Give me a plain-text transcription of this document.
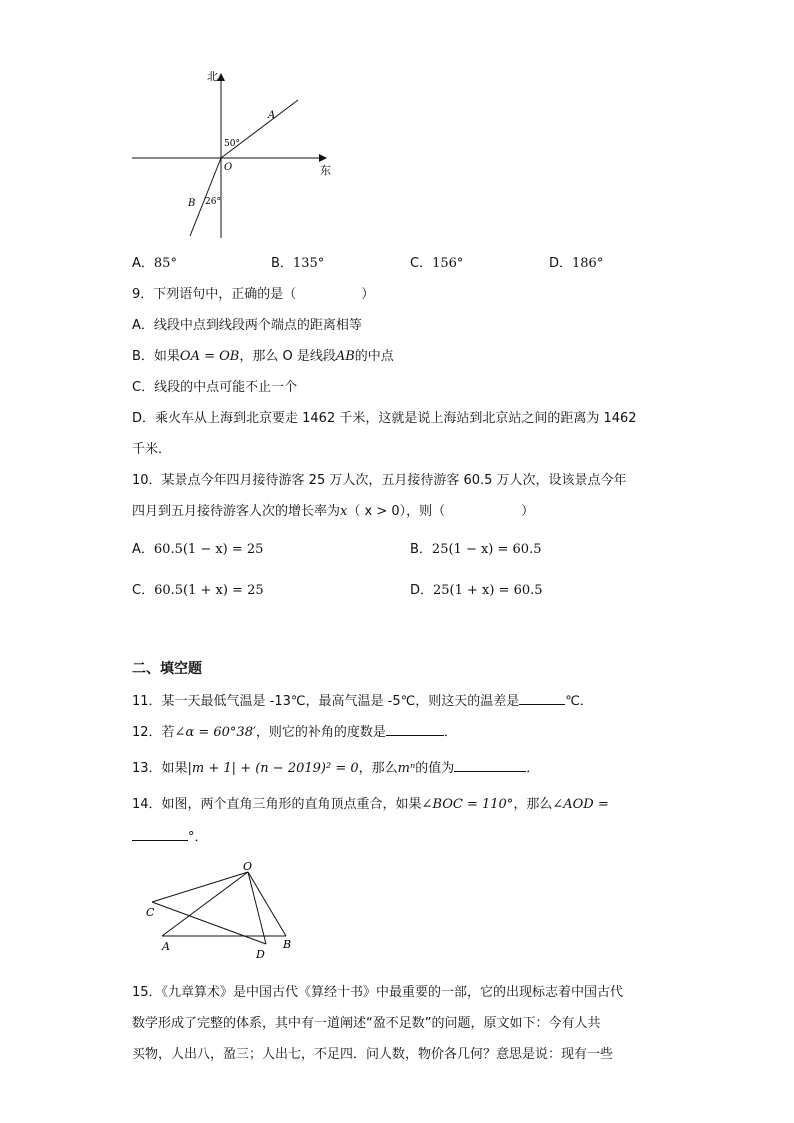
北
东
O
A
B
50°
26°
A．85°	B．135°	C．156°	D．186°
9．下列语句中，正确的是（　　　　　）
A．线段中点到线段两个端点的距离相等
B．如果OA = OB，那么 O 是线段AB的中点
C．线段的中点可能不止一个
D．乘火车从上海到北京要走 1462 千米，这就是说上海站到北京站之间的距离为 1462
千米．
10．某景点今年四月接待游客 25 万人次，五月接待游客 60.5 万人次，设该景点今年
四月到五月接待游客人次的增长率为x（ x > 0），则（	）
A．60.5(1 − x) = 25	B．25(1 − x) = 60.5
C．60.5(1 + x) = 25	D．25(1 + x) = 60.5
二、填空题
11．某一天最低气温是 -13℃，最高气温是 -5℃，则这天的温差是	℃．
12．若∠α = 60°38′，则它的补角的度数是	．
13．如果|m + 1| + (n − 2019)² = 0，那么mⁿ的值为	．
14．如图，两个直角三角形的直角顶点重合，如果∠BOC = 110°，那么∠AOD =
°．
O
C
A
D
B
15．《九章算术》是中国古代《算经十书》中最重要的一部，它的出现标志着中国古代
数学形成了完整的体系，其中有一道阐述“盈不足数”的问题，原文如下：今有人共
买物，人出八，盈三；人出七，不足四．问人数，物价各几何？意思是说：现有一些
